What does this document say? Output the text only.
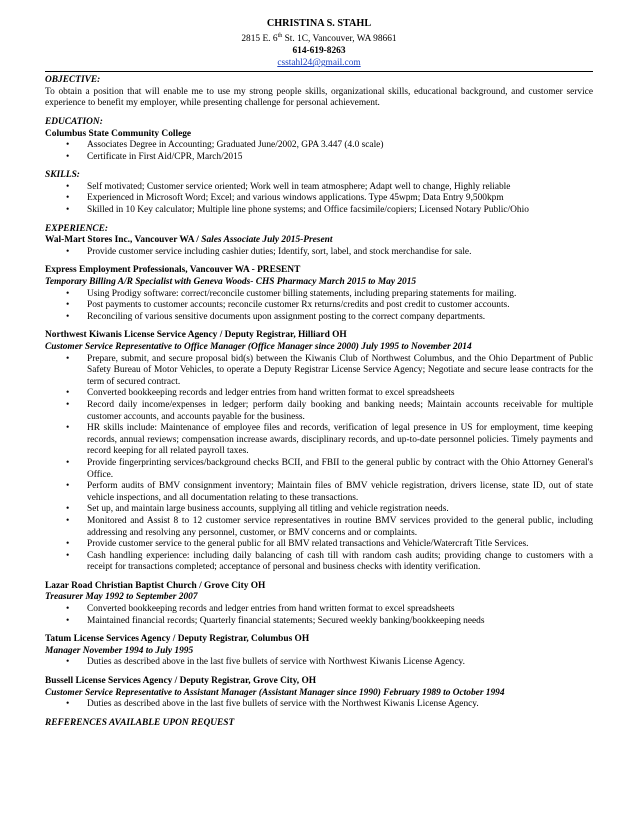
CHRISTINA S. STAHL
2815 E. 6th St. 1C, Vancouver, WA 98661
614-619-8263
csstahl24@gmail.com
OBJECTIVE:

To obtain a position that will enable me to use my strong people skills, organizational skills, educational background, and customer service experience to benefit my employer, while presenting challenge for personal achievement.

EDUCATION:
Columbus State Community College
• Associates Degree in Accounting; Graduated June/2002, GPA 3.447 (4.0 scale)
• Certificate in First Aid/CPR, March/2015
SKILLS:
• Self motivated; Customer service oriented; Work well in team atmosphere; Adapt well to change, Highly reliable
• Experienced in Microsoft Word; Excel; and various windows applications. Type 45wpm; Data Entry 9,500kpm
• Skilled in 10 Key calculator; Multiple line phone systems; and Office facsimile/copiers; Licensed Notary Public/Ohio
EXPERIENCE:
Wal-Mart Stores Inc., Vancouver WA / Sales Associate July 2015-Present
• Provide customer service including cashier duties; Identify, sort, label, and stock merchandise for sale.
Express Employment Professionals, Vancouver WA - PRESENT
Temporary Billing A/R Specialist with Geneva Woods- CHS Pharmacy March 2015 to May 2015
• Using Prodigy software: correct/reconcile customer billing statements, including preparing statements for mailing.
• Post payments to customer accounts; reconcile customer Rx returns/credits and post credit to customer accounts.
• Reconciling of various sensitive documents upon assignment posting to the correct company departments.
Northwest Kiwanis License Service Agency / Deputy Registrar, Hilliard OH
Customer Service Representative to Office Manager (Office Manager since 2000) July 1995 to November 2014
• Prepare, submit, and secure proposal bid(s) between the Kiwanis Club of Northwest Columbus, and the Ohio Department of Public Safety Bureau of Motor Vehicles, to operate a Deputy Registrar License Service Agency; Negotiate and secure lease contracts for the term of secured contract.
• Converted bookkeeping records and ledger entries from hand written format to excel spreadsheets
• Record daily income/expenses in ledger; perform daily booking and banking needs; Maintain accounts receivable for multiple customer accounts, and accounts payable for the business.
• HR skills include: Maintenance of employee files and records, verification of legal presence in US for employment, time keeping records, annual reviews; compensation increase awards, disciplinary records, and up-to-date personnel policies. Timely payments and record keeping for all related payroll taxes.
• Provide fingerprinting services/background checks BCII, and FBII to the general public by contract with the Ohio Attorney General's Office.
• Perform audits of BMV consignment inventory; Maintain files of BMV vehicle registration, drivers license, state ID, out of state vehicle inspections, and all documentation relating to these transactions.
• Set up, and maintain large business accounts, supplying all titling and vehicle registration needs.
• Monitored and Assist 8 to 12 customer service representatives in routine BMV services provided to the general public, including addressing and resolving any personnel, customer, or BMV concerns and or complaints.
• Provide customer service to the general public for all BMV related transactions and Vehicle/Watercraft Title Services.
• Cash handling experience: including daily balancing of cash till with random cash audits; providing change to customers with a receipt for transactions completed; acceptance of personal and business checks with identity verification.
Lazar Road Christian Baptist Church / Grove City OH
Treasurer May 1992 to September 2007
• Converted bookkeeping records and ledger entries from hand written format to excel spreadsheets
• Maintained financial records; Quarterly financial statements; Secured weekly banking/bookkeeping needs
Tatum License Services Agency / Deputy Registrar, Columbus OH
Manager November 1994 to July 1995
• Duties as described above in the last five bullets of service with Northwest Kiwanis License Agency.
Bussell License Services Agency / Deputy Registrar, Grove City, OH
Customer Service Representative to Assistant Manager (Assistant Manager since 1990) February 1989 to October 1994
• Duties as described above in the last five bullets of service with the Northwest Kiwanis License Agency.
REFERENCES AVAILABLE UPON REQUEST
